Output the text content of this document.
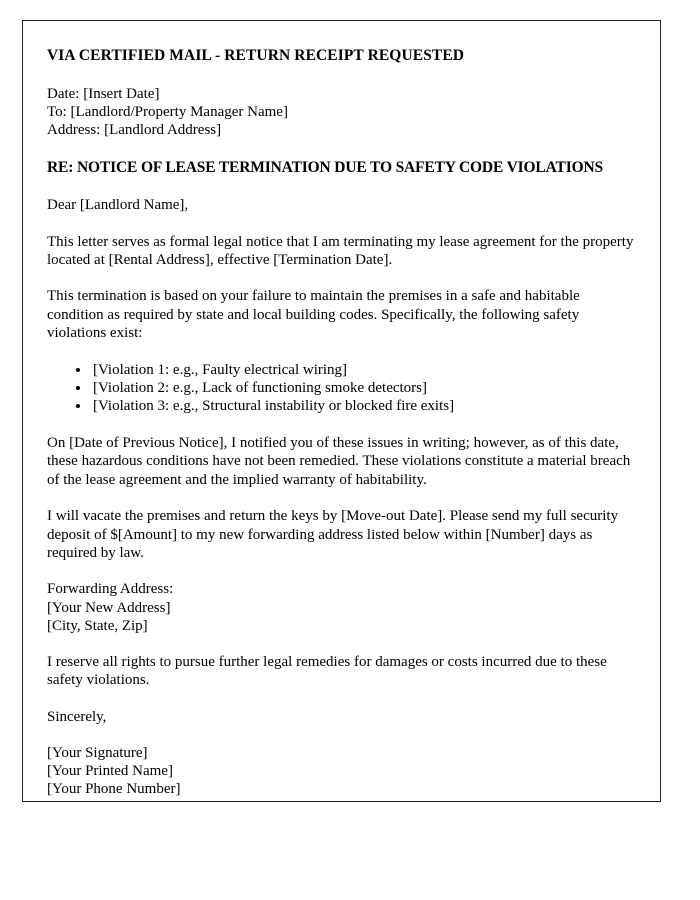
VIA CERTIFIED MAIL - RETURN RECEIPT REQUESTED

Date: [Insert Date]
To: [Landlord/Property Manager Name]
Address: [Landlord Address]

RE: NOTICE OF LEASE TERMINATION DUE TO SAFETY CODE VIOLATIONS

Dear [Landlord Name],

This letter serves as formal legal notice that I am terminating my lease agreement for the property located at [Rental Address], effective [Termination Date].

This termination is based on your failure to maintain the premises in a safe and habitable condition as required by state and local building codes. Specifically, the following safety violations exist:

• [Violation 1: e.g., Faulty electrical wiring]
• [Violation 2: e.g., Lack of functioning smoke detectors]
• [Violation 3: e.g., Structural instability or blocked fire exits]

On [Date of Previous Notice], I notified you of these issues in writing; however, as of this date, these hazardous conditions have not been remedied. These violations constitute a material breach of the lease agreement and the implied warranty of habitability.

I will vacate the premises and return the keys by [Move-out Date]. Please send my full security deposit of $[Amount] to my new forwarding address listed below within [Number] days as required by law.

Forwarding Address:
[Your New Address]
[City, State, Zip]

I reserve all rights to pursue further legal remedies for damages or costs incurred due to these safety violations.

Sincerely,

[Your Signature]
[Your Printed Name]
[Your Phone Number]
